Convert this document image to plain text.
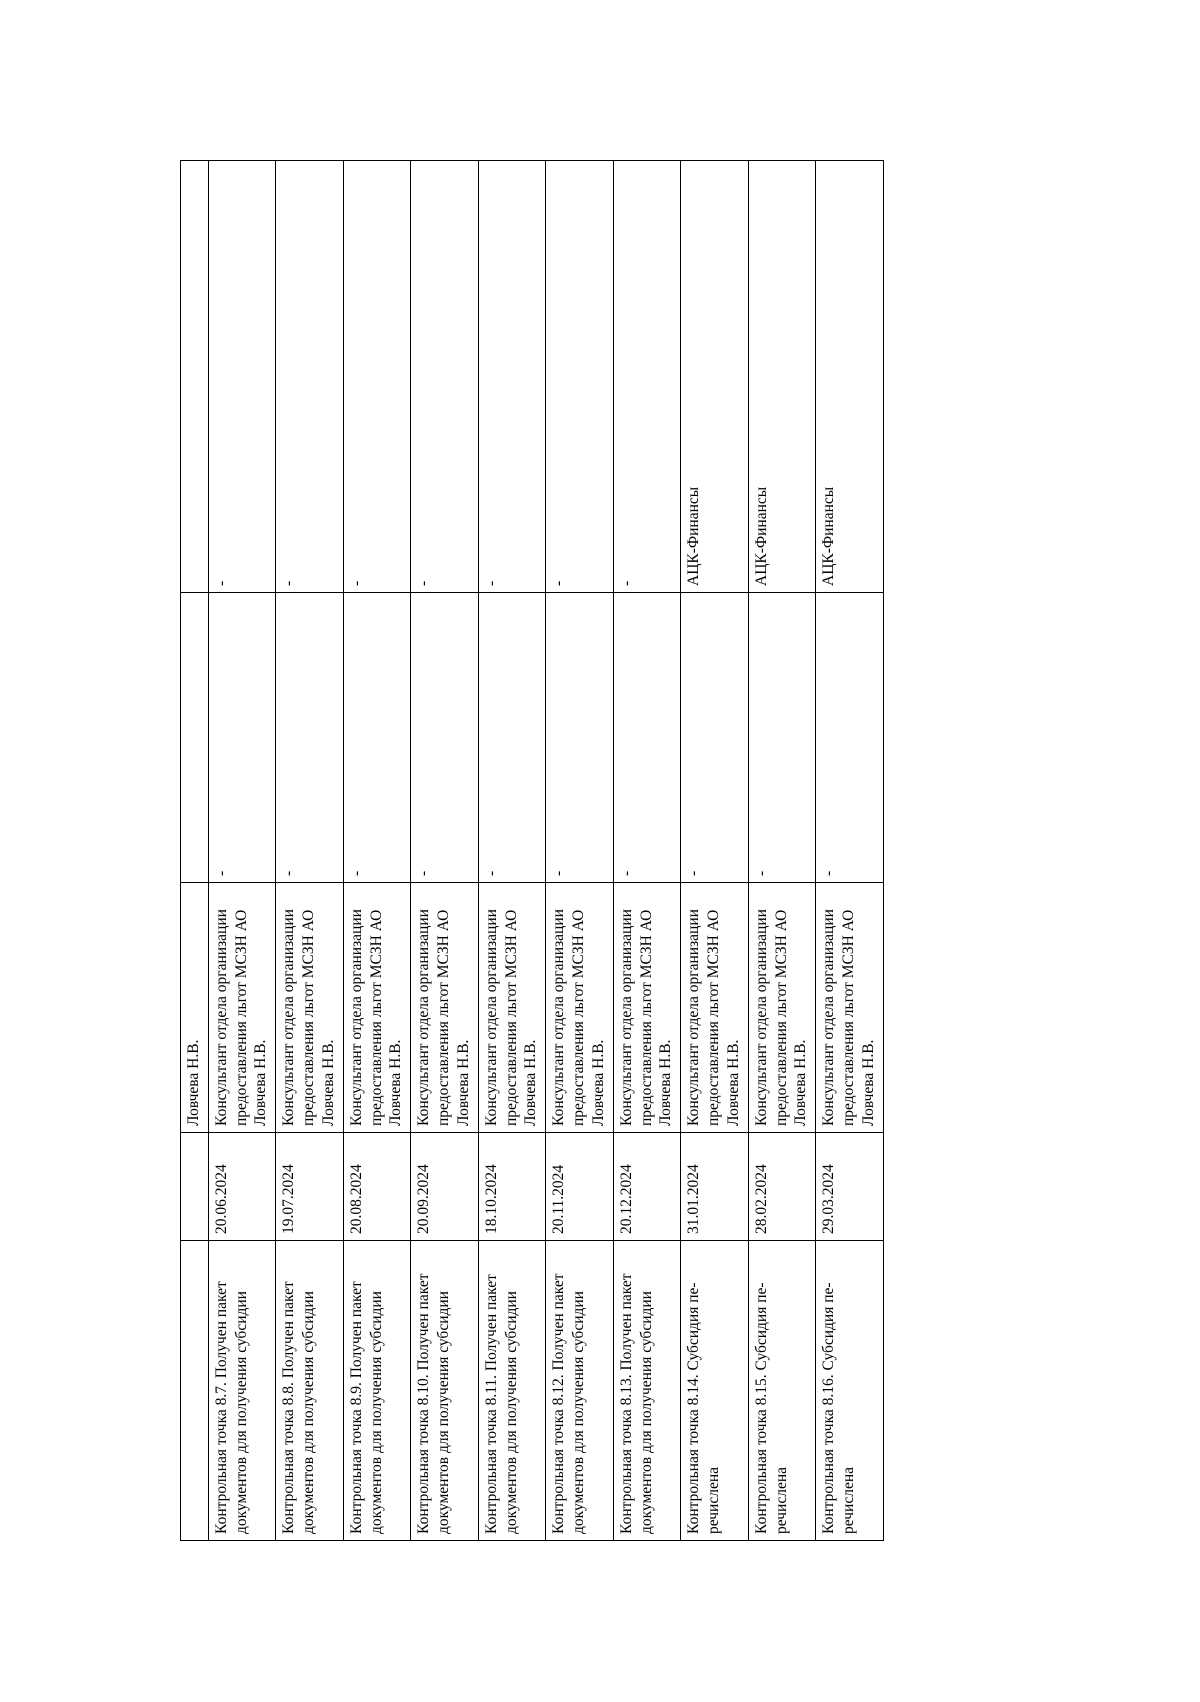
		Ловчева Н.В.		
Контрольная точка 8.7. Получен пакет документов для получения субсидии	20.06.2024	Консультант отдела организации предоставления льгот МСЗН АО Ловчева Н.В.	-	-
Контрольная точка 8.8. Получен пакет документов для получения субсидии	19.07.2024	Консультант отдела организации предоставления льгот МСЗН АО Ловчева Н.В.	-	-
Контрольная точка 8.9. Получен пакет документов для получения субсидии	20.08.2024	Консультант отдела организации предоставления льгот МСЗН АО Ловчева Н.В.	-	-
Контрольная точка 8.10. Получен пакет документов для получения субсидии	20.09.2024	Консультант отдела организации предоставления льгот МСЗН АО Ловчева Н.В.	-	-
Контрольная точка 8.11. Получен пакет документов для получения субсидии	18.10.2024	Консультант отдела организации предоставления льгот МСЗН АО Ловчева Н.В.	-	-
Контрольная точка 8.12. Получен пакет документов для получения субсидии	20.11.2024	Консультант отдела организации предоставления льгот МСЗН АО Ловчева Н.В.	-	-
Контрольная точка 8.13. Получен пакет документов для получения субсидии	20.12.2024	Консультант отдела организации предоставления льгот МСЗН АО Ловчева Н.В.	-	-
Контрольная точка 8.14. Субсидия пе-речислена	31.01.2024	Консультант отдела организации предоставления льгот МСЗН АО Ловчева Н.В.	-	АЦК-Финансы
Контрольная точка 8.15. Субсидия пе-речислена	28.02.2024	Консультант отдела организации предоставления льгот МСЗН АО Ловчева Н.В.	-	АЦК-Финансы
Контрольная точка 8.16. Субсидия пе-речислена	29.03.2024	Консультант отдела организации предоставления льгот МСЗН АО Ловчева Н.В.	-	АЦК-Финансы
